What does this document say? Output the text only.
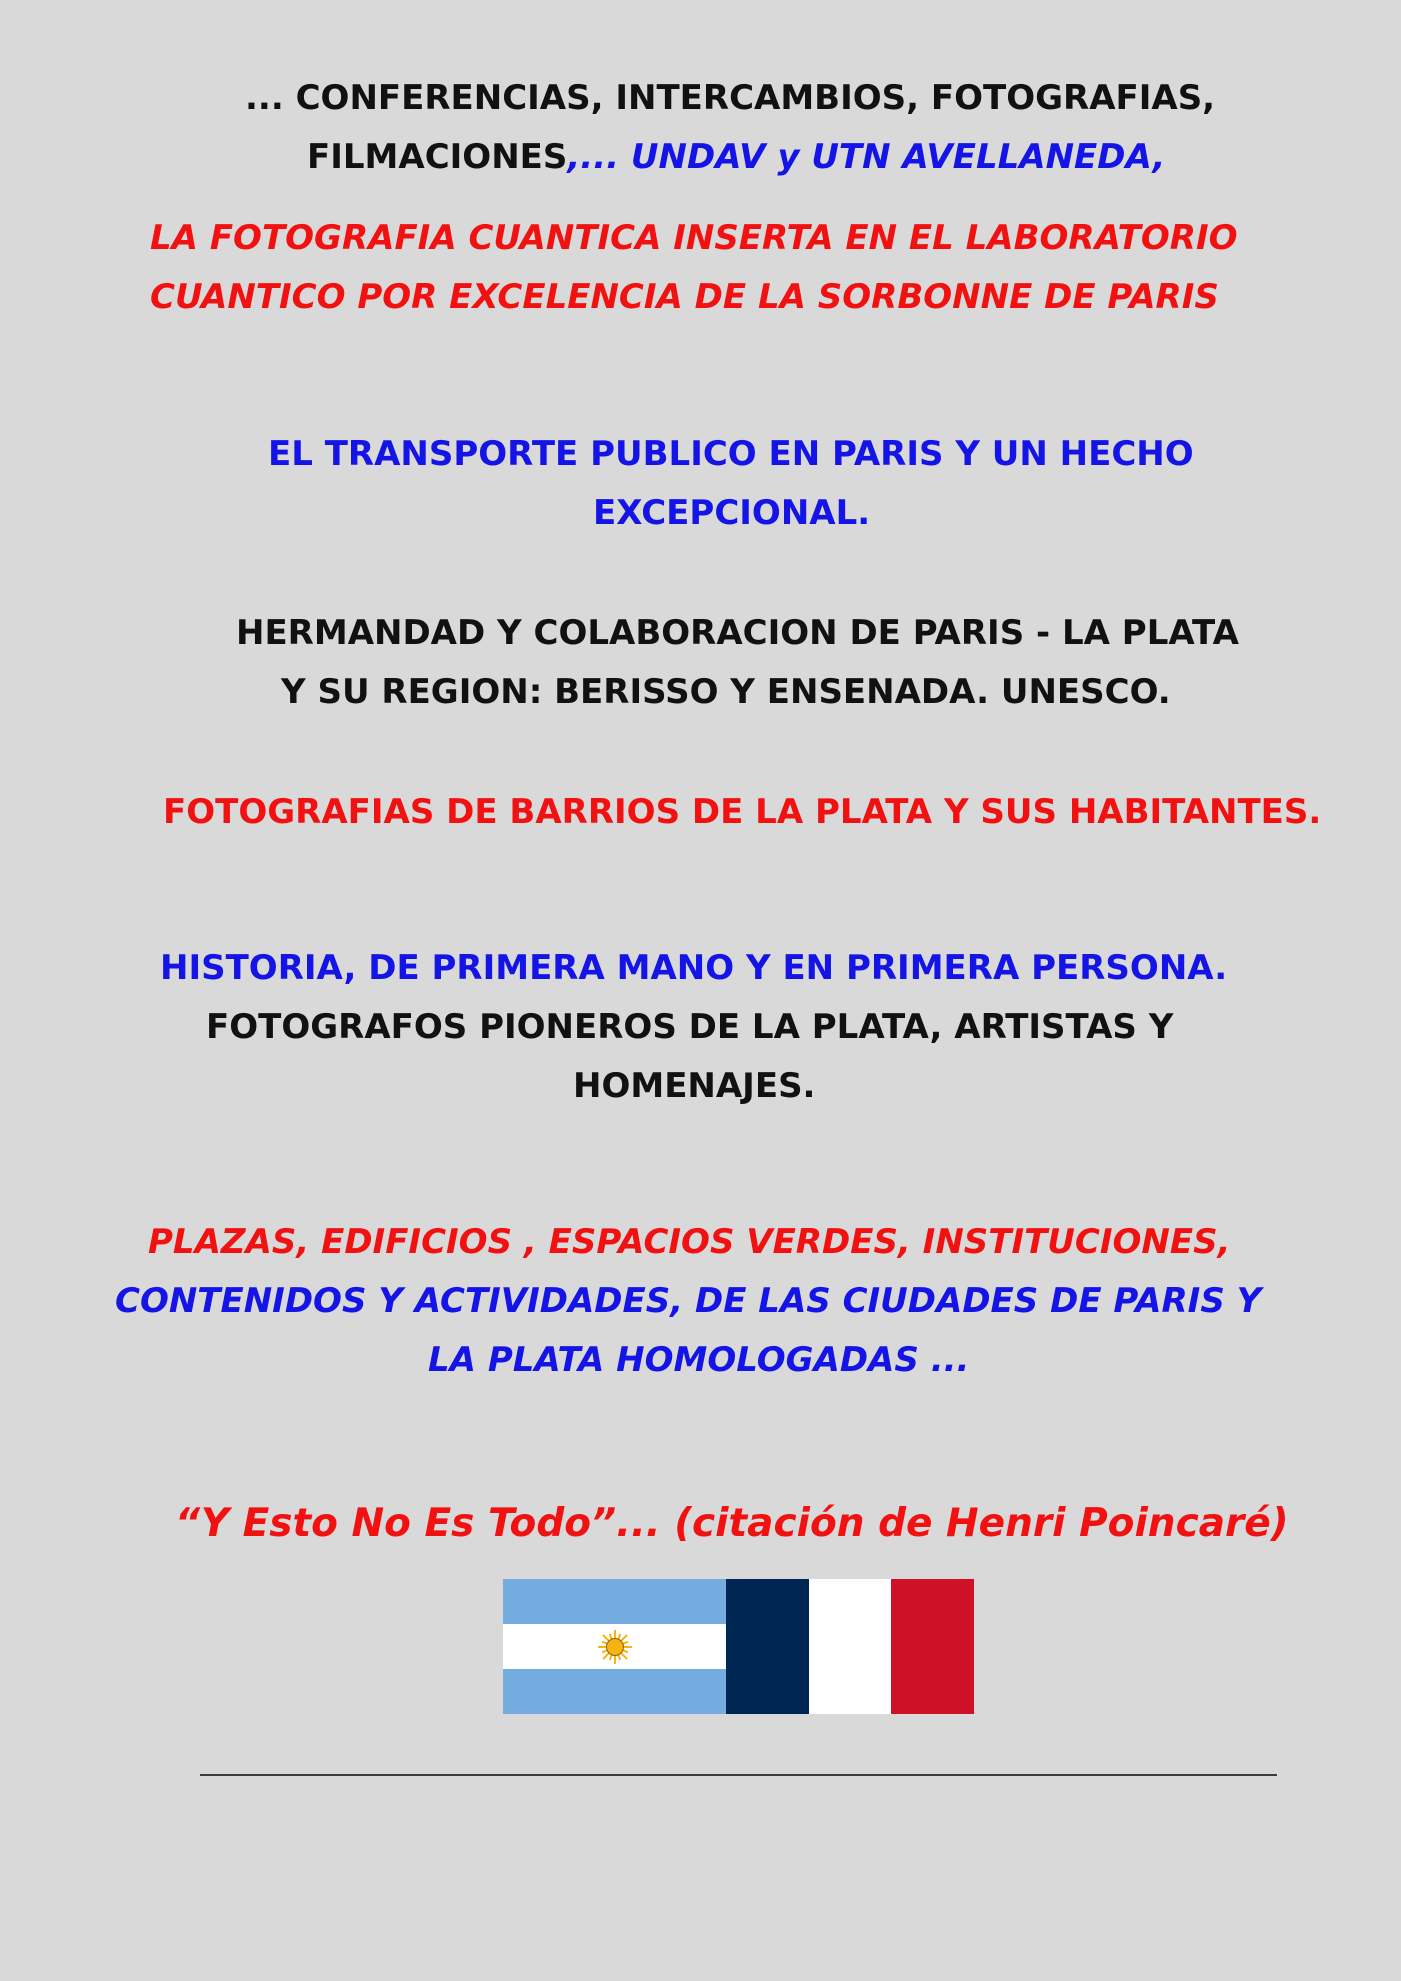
... CONFERENCIAS, INTERCAMBIOS, FOTOGRAFIAS,

FILMACIONES,... UNDAV y UTN AVELLANEDA,

LA FOTOGRAFIA CUANTICA INSERTA EN EL LABORATORIO

CUANTICO POR EXCELENCIA DE LA SORBONNE DE PARIS

EL TRANSPORTE PUBLICO EN PARIS Y UN HECHO

EXCEPCIONAL.

HERMANDAD Y COLABORACION DE PARIS - LA PLATA

Y SU REGION: BERISSO Y ENSENADA. UNESCO.

FOTOGRAFIAS DE BARRIOS DE LA PLATA Y SUS HABITANTES.

HISTORIA, DE PRIMERA MANO Y EN PRIMERA PERSONA.

FOTOGRAFOS PIONEROS DE LA PLATA, ARTISTAS Y

HOMENAJES.

PLAZAS, EDIFICIOS , ESPACIOS VERDES, INSTITUCIONES,

CONTENIDOS Y ACTIVIDADES, DE LAS CIUDADES DE PARIS Y

LA PLATA HOMOLOGADAS ...

“Y Esto No Es Todo”... (citación de Henri Poincaré)
